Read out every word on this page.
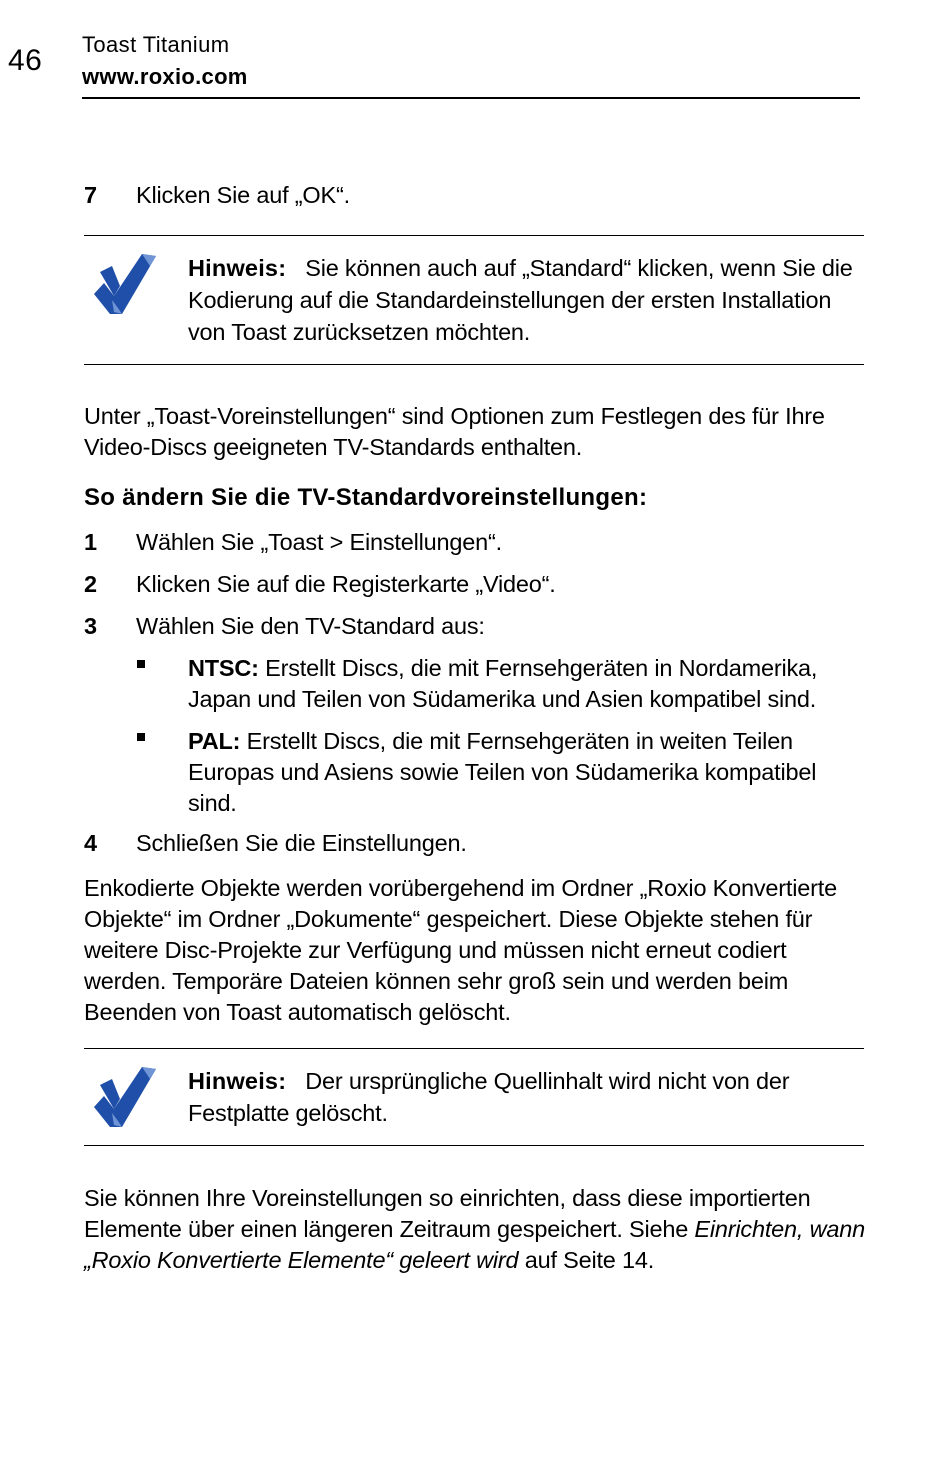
46 Toast Titanium
www.roxio.com
7 Klicken Sie auf „OK“.
Hinweis: Sie können auch auf „Standard“ klicken, wenn Sie die Kodierung auf die Standardeinstellungen der ersten Installation von Toast zurücksetzen möchten.
Unter „Toast-Voreinstellungen“ sind Optionen zum Festlegen des für Ihre Video-Discs geeigneten TV-Standards enthalten.
So ändern Sie die TV-Standardvoreinstellungen:
1 Wählen Sie „Toast > Einstellungen“.
2 Klicken Sie auf die Registerkarte „Video“.
3 Wählen Sie den TV-Standard aus:
NTSC: Erstellt Discs, die mit Fernsehgeräten in Nordamerika, Japan und Teilen von Südamerika und Asien kompatibel sind.
PAL: Erstellt Discs, die mit Fernsehgeräten in weiten Teilen Europas und Asiens sowie Teilen von Südamerika kompatibel sind.
4 Schließen Sie die Einstellungen.
Enkodierte Objekte werden vorübergehend im Ordner „Roxio Konvertierte Objekte“ im Ordner „Dokumente“ gespeichert. Diese Objekte stehen für weitere Disc-Projekte zur Verfügung und müssen nicht erneut codiert werden. Temporäre Dateien können sehr groß sein und werden beim Beenden von Toast automatisch gelöscht.
Hinweis: Der ursprüngliche Quellinhalt wird nicht von der Festplatte gelöscht.
Sie können Ihre Voreinstellungen so einrichten, dass diese importierten Elemente über einen längeren Zeitraum gespeichert. Siehe Einrichten, wann „Roxio Konvertierte Elemente“ geleert wird auf Seite 14.
